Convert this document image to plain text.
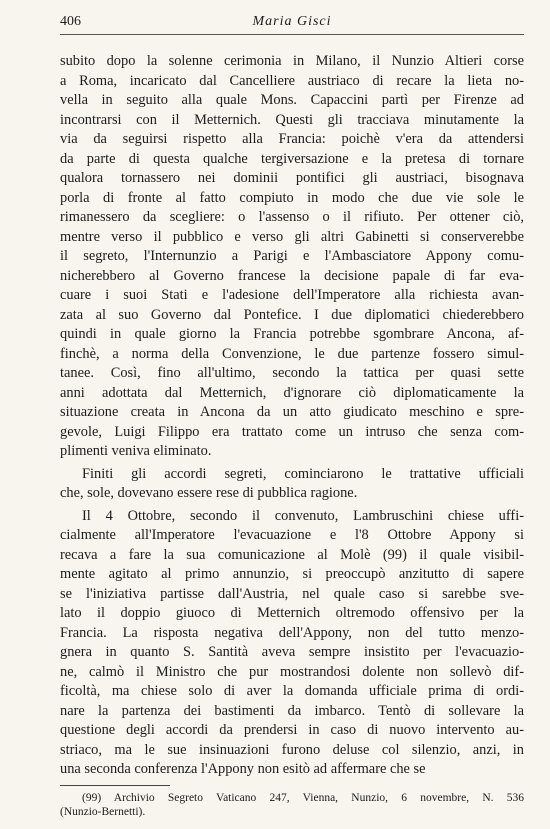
406	Maria Gisci
subito dopo la solenne cerimonia in Milano, il Nunzio Altieri corse
a Roma, incaricato dal Cancelliere austriaco di recare la lieta no-
vella in seguito alla quale Mons. Capaccini partì per Firenze ad
incontrarsi con il Metternich. Questi gli tracciava minutamente la
via da seguirsi rispetto alla Francia: poichè v'era da attendersi
da parte di questa qualche tergiversazione e la pretesa di tornare
qualora tornassero nei dominii pontifici gli austriaci, bisognava
porla di fronte al fatto compiuto in modo che due vie sole le
rimanessero da scegliere: o l'assenso o il rifiuto. Per ottener ciò,
mentre verso il pubblico e verso gli altri Gabinetti si conserverebbe
il segreto, l'Internunzio a Parigi e l'Ambasciatore Appony comu-
nicherebbero al Governo francese la decisione papale di far eva-
cuare i suoi Stati e l'adesione dell'Imperatore alla richiesta avan-
zata al suo Governo dal Pontefice. I due diplomatici chiederebbero
quindi in quale giorno la Francia potrebbe sgombrare Ancona, af-
finchè, a norma della Convenzione, le due partenze fossero simul-
tanee. Così, fino all'ultimo, secondo la tattica per quasi sette
anni adottata dal Metternich, d'ignorare ciò diplomaticamente la
situazione creata in Ancona da un atto giudicato meschino e spre-
gevole, Luigi Filippo era trattato come un intruso che senza com-
plimenti veniva eliminato.
Finiti gli accordi segreti, cominciarono le trattative ufficiali
che, sole, dovevano essere rese di pubblica ragione.
Il 4 Ottobre, secondo il convenuto, Lambruschini chiese uffi-
cialmente all'Imperatore l'evacuazione e l'8 Ottobre Appony si
recava a fare la sua comunicazione al Molè (99) il quale visibil-
mente agitato al primo annunzio, si preoccupò anzitutto di sapere
se l'iniziativa partisse dall'Austria, nel quale caso si sarebbe sve-
lato il doppio giuoco di Metternich oltremodo offensivo per la
Francia. La risposta negativa dell'Appony, non del tutto menzo-
gnera in quanto S. Santità aveva sempre insistito per l'evacuazio-
ne, calmò il Ministro che pur mostrandosi dolente non sollevò dif-
ficoltà, ma chiese solo di aver la domanda ufficiale prima di ordi-
nare la partenza dei bastimenti da imbarco. Tentò di sollevare la
questione degli accordi da prendersi in caso di nuovo intervento au-
striaco, ma le sue insinuazioni furono deluse col silenzio, anzi, in
una seconda conferenza l'Appony non esitò ad affermare che se
(99) Archivio Segreto Vaticano 247, Vienna, Nunzio, 6 novembre, N. 536
(Nunzio-Bernetti).
